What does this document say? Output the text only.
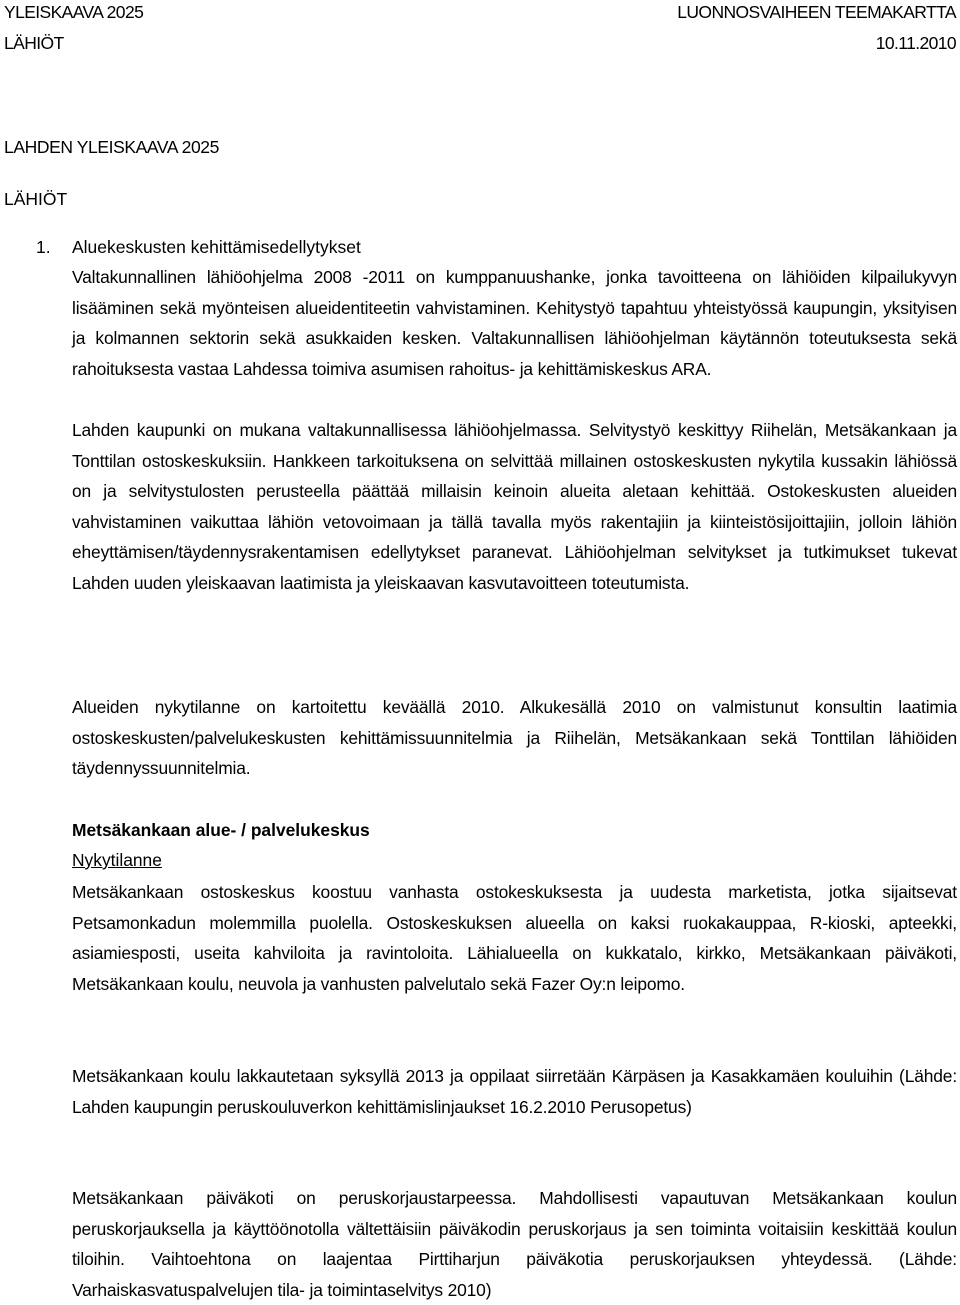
YLEISKAAVA 2025	LUONNOSVAIHEEN TEEMAKARTTA
LÄHIÖT	10.11.2010
LAHDEN YLEISKAAVA 2025
LÄHIÖT
1. Aluekeskusten kehittämisedellytykset
Valtakunnallinen lähiöohjelma 2008 -2011 on kumppanuushanke, jonka tavoitteena on lähiöiden kilpailukyvyn lisääminen sekä myönteisen alueidentiteetin vahvistaminen. Kehitystyö tapahtuu yhteistyössä kaupungin, yksityisen ja kolmannen sektorin sekä asukkaiden kesken. Valtakunnallisen lähiöohjelman käytännön toteutuksesta sekä rahoituksesta vastaa Lahdessa toimiva asumisen rahoitus- ja kehittämiskeskus ARA.
Lahden kaupunki on mukana valtakunnallisessa lähiöohjelmassa. Selvitystyö keskittyy Riihelän, Metsäkankaan ja Tonttilan ostoskeskuksiin. Hankkeen tarkoituksena on selvittää millainen ostoskeskusten nykytila kussakin lähiössä on ja selvitystulosten perusteella päättää millaisin keinoin alueita aletaan kehittää. Ostokeskusten alueiden vahvistaminen vaikuttaa lähiön vetovoimaan ja tällä tavalla myös rakentajiin ja kiinteistösijoittajiin, jolloin lähiön eheyttämisen/täydennysrakentamisen edellytykset paranevat. Lähiöohjelman selvitykset ja tutkimukset tukevat Lahden uuden yleiskaavan laatimista ja yleiskaavan kasvutavoitteen toteutumista.
Alueiden nykytilanne on kartoitettu keväällä 2010. Alkukesällä 2010 on valmistunut konsultin laatimia ostoskeskusten/palvelukeskusten kehittämissuunnitelmia ja Riihelän, Metsäkankaan sekä Tonttilan lähiöiden täydennyssuunnitelmia.
Metsäkankaan alue- / palvelukeskus
Nykytilanne
Metsäkankaan ostoskeskus koostuu vanhasta ostokeskuksesta ja uudesta marketista, jotka sijaitsevat Petsamonkadun molemmilla puolella. Ostoskeskuksen alueella on kaksi ruokakauppaa, R-kioski, apteekki, asiamiesposti, useita kahviloita ja ravintoloita. Lähialueella on kukkatalo, kirkko, Metsäkankaan päiväkoti, Metsäkankaan koulu, neuvola ja vanhusten palvelutalo sekä Fazer Oy:n leipomo.
Metsäkankaan koulu lakkautetaan syksyllä 2013 ja oppilaat siirretään Kärpäsen ja Kasakkamäen kouluihin (Lähde: Lahden kaupungin peruskouluverkon kehittämislinjaukset 16.2.2010 Perusopetus)
Metsäkankaan päiväkoti on peruskorjaustarpeessa. Mahdollisesti vapautuvan Metsäkankaan koulun peruskorjauksella ja käyttöönotolla vältettäisiin päiväkodin peruskorjaus ja sen toiminta voitaisiin keskittää koulun tiloihin. Vaihtoehtona on laajentaa Pirttiharjun päiväkotia peruskorjauksen yhteydessä. (Lähde: Varhaiskasvatuspalvelujen tila- ja toimintaselvitys 2010)
